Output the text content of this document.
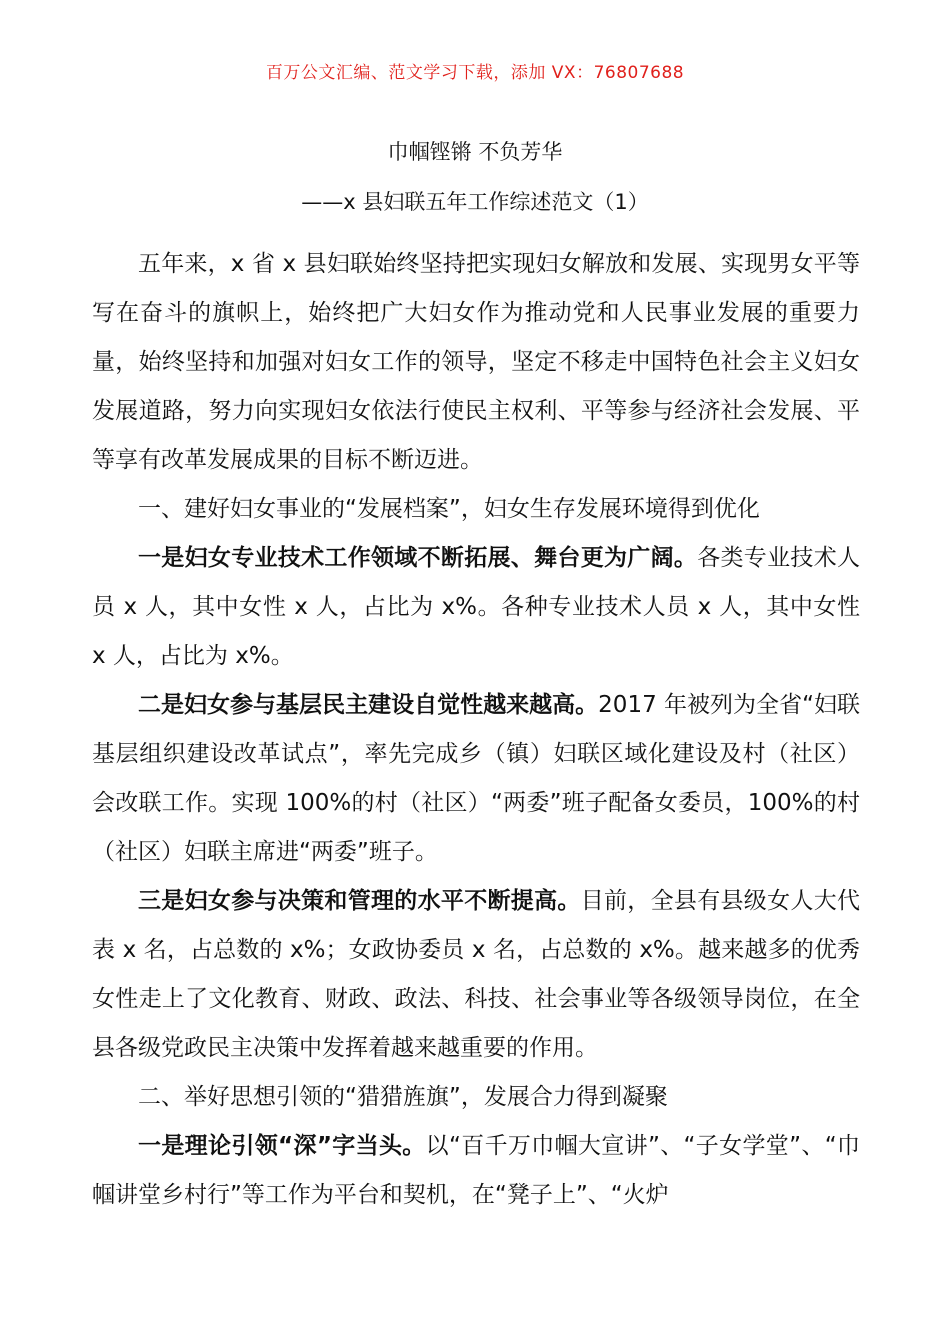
百万公文汇编、范文学习下载，添加 VX：76807688
巾帼铿锵 不负芳华
——x 县妇联五年工作综述范文（1）

五年来，x 省 x 县妇联始终坚持把实现妇女解放和发展、实现男女平等写在奋斗的旗帜上，始终把广大妇女作为推动党和人民事业发展的重要力量，始终坚持和加强对妇女工作的领导，坚定不移走中国特色社会主义妇女发展道路，努力向实现妇女依法行使民主权利、平等参与经济社会发展、平等享有改革发展成果的目标不断迈进。

一、建好妇女事业的“发展档案”，妇女生存发展环境得到优化

一是妇女专业技术工作领域不断拓展、舞台更为广阔。各类专业技术人员 x 人，其中女性 x 人，占比为 x%。各种专业技术人员 x 人，其中女性 x 人，占比为 x%。

二是妇女参与基层民主建设自觉性越来越高。2017 年被列为全省“妇联基层组织建设改革试点”，率先完成乡（镇）妇联区域化建设及村（社区）会改联工作。实现 100%的村（社区）“两委”班子配备女委员，100%的村（社区）妇联主席进“两委”班子。

三是妇女参与决策和管理的水平不断提高。目前，全县有县级女人大代表 x 名，占总数的 x%；女政协委员 x 名，占总数的 x%。越来越多的优秀女性走上了文化教育、财政、政法、科技、社会事业等各级领导岗位，在全县各级党政民主决策中发挥着越来越重要的作用。

二、举好思想引领的“猎猎旌旗”，发展合力得到凝聚

一是理论引领“深”字当头。以“百千万巾帼大宣讲”、“子女学堂”、“巾帼讲堂乡村行”等工作为平台和契机，在“凳子上”、“火炉
